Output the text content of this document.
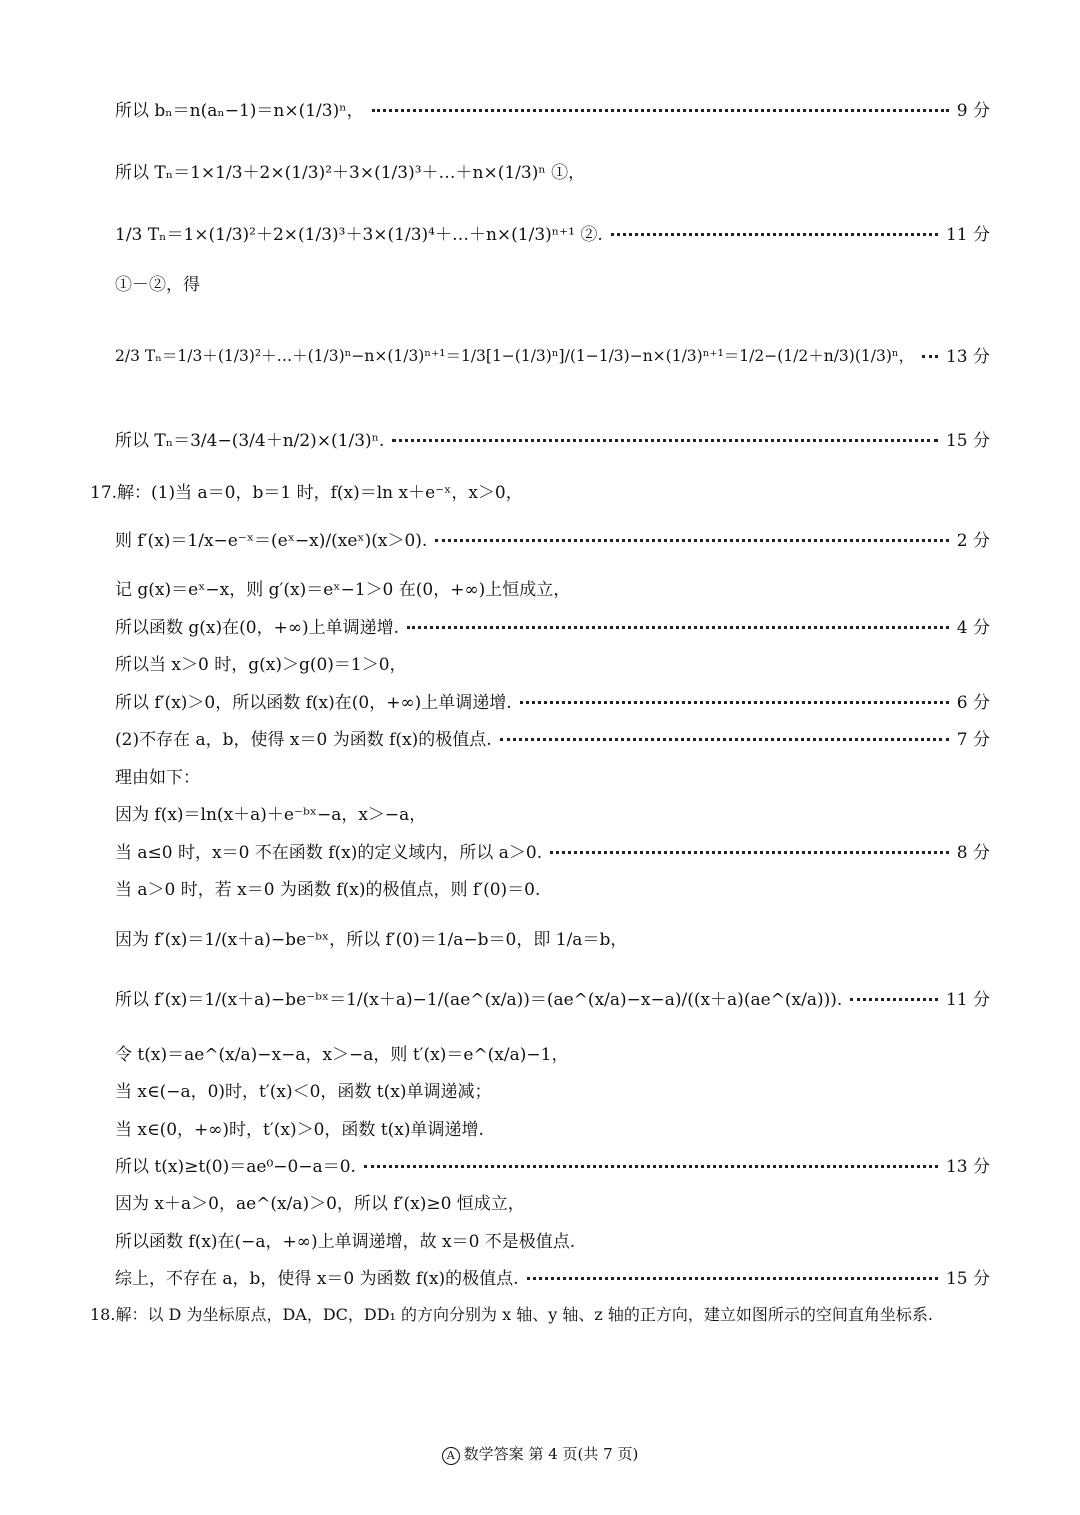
所以 bₙ＝n(aₙ−1)＝n×(1/3)ⁿ，	9 分
所以 Tₙ＝1×1/3＋2×(1/3)²＋3×(1/3)³＋…＋n×(1/3)ⁿ ①，
1/3 Tₙ＝1×(1/3)²＋2×(1/3)³＋3×(1/3)⁴＋…＋n×(1/3)ⁿ⁺¹ ②.	11 分
①－②，得
2/3 Tₙ＝1/3＋(1/3)²＋…＋(1/3)ⁿ−n×(1/3)ⁿ⁺¹＝1/3[1−(1/3)ⁿ]/(1−1/3)−n×(1/3)ⁿ⁺¹＝1/2−(1/2＋n/3)(1/3)ⁿ， 13 分
所以 Tₙ＝3/4−(3/4＋n/2)×(1/3)ⁿ.	15 分
17.解：(1)当 a＝0，b＝1 时，f(x)＝ln x＋e⁻ˣ，x＞0，
则 f′(x)＝1/x−e⁻ˣ＝(eˣ−x)/(xeˣ)(x＞0).	2 分
记 g(x)＝eˣ−x，则 g′(x)＝eˣ−1＞0 在(0，+∞)上恒成立，
所以函数 g(x)在(0，+∞)上单调递增.	4 分
所以当 x＞0 时，g(x)＞g(0)＝1＞0，
所以 f′(x)＞0，所以函数 f(x)在(0，+∞)上单调递增.	6 分
(2)不存在 a，b，使得 x＝0 为函数 f(x)的极值点.	7 分
理由如下：
因为 f(x)＝ln(x＋a)＋e⁻ᵇˣ−a，x＞−a，
当 a≤0 时，x＝0 不在函数 f(x)的定义域内，所以 a＞0.	8 分
当 a＞0 时，若 x＝0 为函数 f(x)的极值点，则 f′(0)＝0.
因为 f′(x)＝1/(x＋a)−be⁻ᵇˣ，所以 f′(0)＝1/a−b＝0，即 1/a＝b，
所以 f′(x)＝1/(x＋a)−be⁻ᵇˣ＝1/(x＋a)−1/(ae^(x/a))＝(ae^(x/a)−x−a)/((x＋a)(ae^(x/a))).	11 分
令 t(x)＝ae^(x/a)−x−a，x＞−a，则 t′(x)＝e^(x/a)−1，
当 x∈(−a，0)时，t′(x)＜0，函数 t(x)单调递减；
当 x∈(0，+∞)时，t′(x)＞0，函数 t(x)单调递增.
所以 t(x)≥t(0)＝ae⁰−0−a＝0.	13 分
因为 x＋a＞0，ae^(x/a)＞0，所以 f′(x)≥0 恒成立，
所以函数 f(x)在(−a，+∞)上单调递增，故 x＝0 不是极值点.
综上，不存在 a，b，使得 x＝0 为函数 f(x)的极值点.	15 分
18.解：以 D 为坐标原点，DA，DC，DD₁ 的方向分别为 x 轴、y 轴、z 轴的正方向，建立如图所示的空间直角坐标系.
A 数学答案 第 4 页(共 7 页)
